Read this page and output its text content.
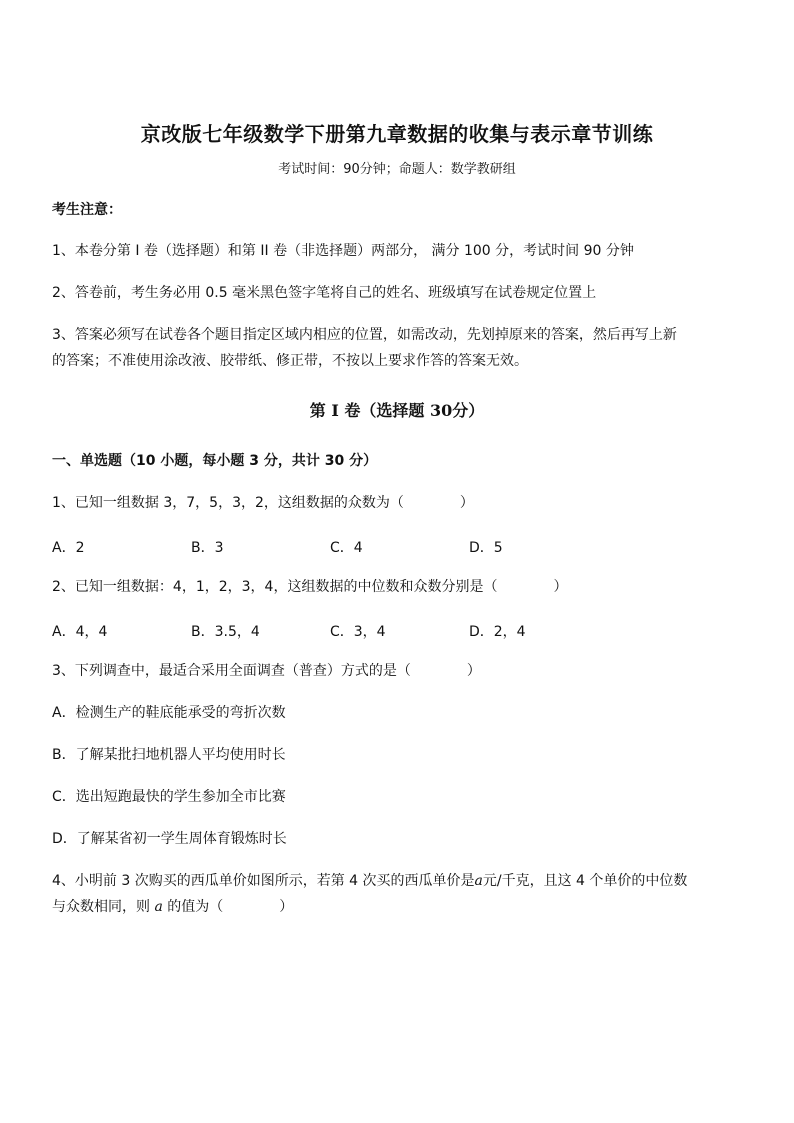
京改版七年级数学下册第九章数据的收集与表示章节训练
考试时间：90分钟；命题人：数学教研组
考生注意：
1、本卷分第 I 卷（选择题）和第 II 卷（非选择题）两部分， 满分 100 分，考试时间 90 分钟
2、答卷前，考生务必用 0.5 毫米黑色签字笔将自己的姓名、班级填写在试卷规定位置上
3、答案必须写在试卷各个题目指定区域内相应的位置，如需改动，先划掉原来的答案，然后再写上新
的答案；不准使用涂改液、胶带纸、修正带，不按以上要求作答的答案无效。
第 I 卷（选择题 30分）
一、单选题（10 小题，每小题 3 分，共计 30 分）
1、已知一组数据 3，7，5，3，2，这组数据的众数为（　　　　）
A．2	B．3	C．4	D．5
2、已知一组数据：4，1，2，3，4，这组数据的中位数和众数分别是（　　　　）
A．4，4	B．3.5，4	C．3，4	D．2，4
3、下列调查中，最适合采用全面调查（普查）方式的是（　　　　）
A．检测生产的鞋底能承受的弯折次数
B．了解某批扫地机器人平均使用时长
C．选出短跑最快的学生参加全市比赛
D．了解某省初一学生周体育锻炼时长
4、小明前 3 次购买的西瓜单价如图所示，若第 4 次买的西瓜单价是a元/千克，且这 4 个单价的中位数
与众数相同，则 a 的值为（　　　　）
